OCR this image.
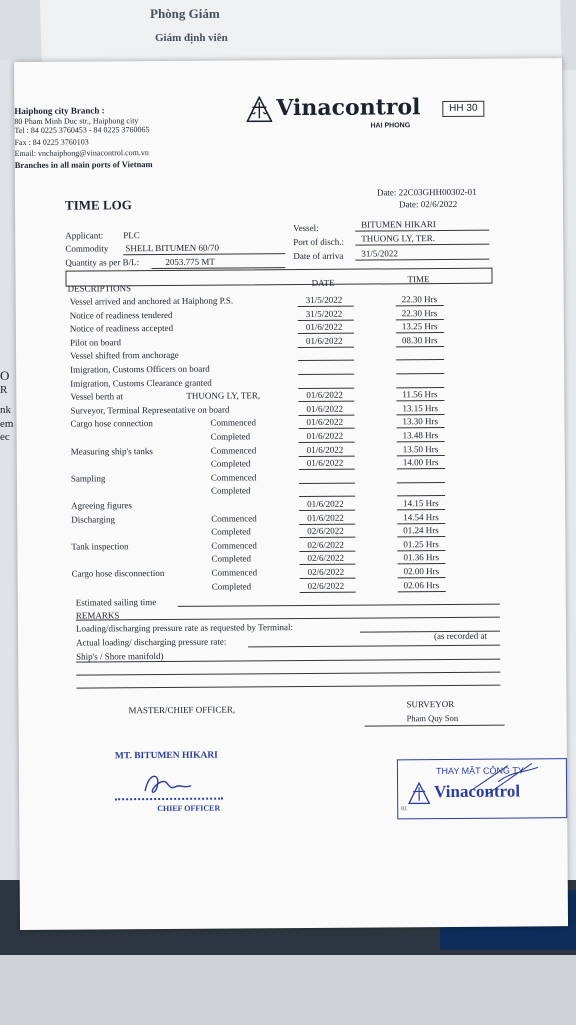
Phòng Giám
Giám định viên
O
R
nk
em
ec
Haiphong city Branch :
80 Pham Minh Duc str., Haiphong city
Tel : 84 0225 3760453 - 84 0225 3760065
Fax : 84 0225 3760103
Email: vnchaiphong@vinacontrol.com.vn
Branches in all main ports of Vietnam
Vinacontrol
HAI PHONG
HH 30
TIME LOG
Date: 22C03GHH00302-01
Date: 02/6/2022
Applicant: PLC
Commodity SHELL BITUMEN 60/70
Quantity as per B/L:	2053.775 MT
Vessel:	BITUMEN HIKARI
Port of disch.: THUONG LY, TER.
Date of arriva 31/5/2022
DESCRIPTIONS
DATE	TIME
Vessel arrived and anchored at Haiphong P.S.	31/5/2022	22.30 Hrs
Notice of readiness tendered	31/5/2022	22.30 Hrs
Notice of readiness accepted	01/6/2022	13.25 Hrs
Pilot on board	01/6/2022	08.30 Hrs
Vessel shifted from anchorage
Imigration, Customs Officers on board
Imigration, Customs Clearance granted
Vessel berth at	THUONG LY, TER,	01/6/2022	11.56 Hrs
Surveyor, Terminal Representative on board	01/6/2022	13.15 Hrs
Cargo hose connection	Commenced	01/6/2022	13.30 Hrs
Completed	01/6/2022	13.48 Hrs
Measuring ship's tanks	Commenced	01/6/2022	13.50 Hrs
Completed	01/6/2022	14.00 Hrs
Sampling	Commenced
Completed
Agreeing figures	01/6/2022	14.15 Hrs
Discharging	Commenced	01/6/2022	14.54 Hrs
Completed	02/6/2022	01.24 Hrs
Tank inspection	Commenced	02/6/2022	01.25 Hrs
Completed	02/6/2022	01.36 Hrs
Cargo hose disconnection	Commenced	02/6/2022	02.00 Hrs
Completed	02/6/2022	02.06 Hrs
Estimated sailing time
REMARKS
Loading/discharging pressure rate as requested by Terminal:
Actual loading/ discharging pressure rate:
(as recorded at
Ship's / Shore manifold)
MASTER/CHIEF OFFICER,
SURVEYOR
Pham Quy Son
MT. BITUMEN HIKARI
CHIEF OFFICER
THAY MẶT CÔNG TY
Vinacontrol
01
